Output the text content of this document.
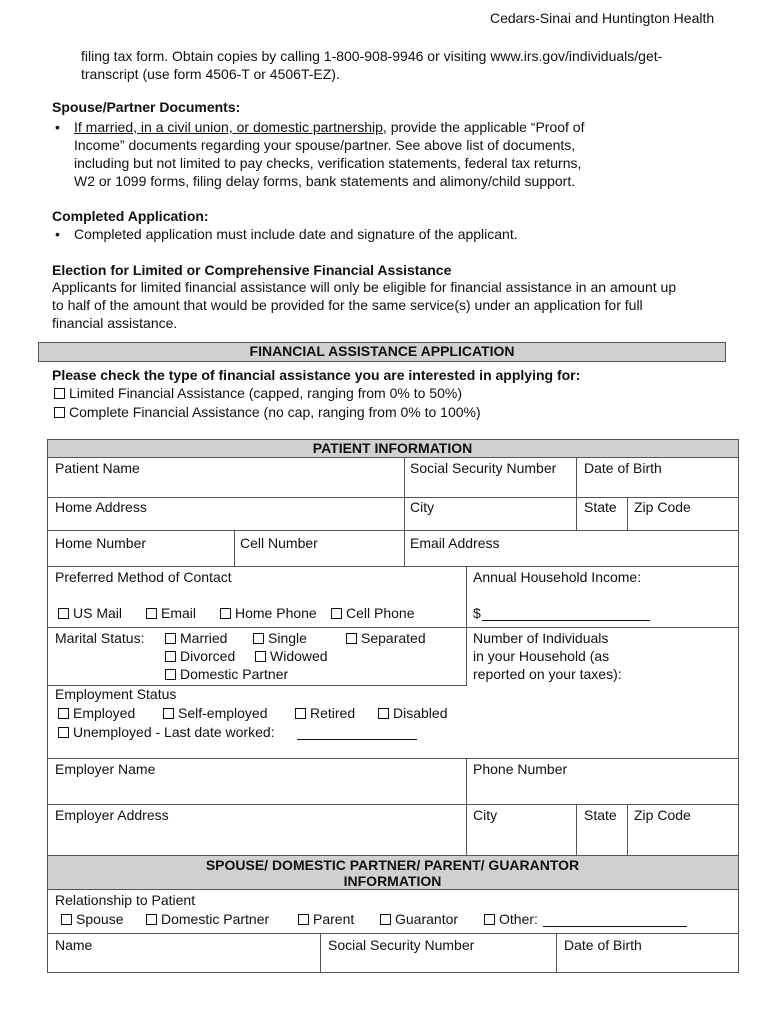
Cedars-Sinai and Huntington Health
filing tax form. Obtain copies by calling 1-800-908-9946 or visiting www.irs.gov/individuals/get-
transcript (use form 4506-T or 4506T-EZ).
Spouse/Partner Documents:
• If married, in a civil union, or domestic partnership, provide the applicable “Proof of
Income” documents regarding your spouse/partner. See above list of documents,
including but not limited to pay checks, verification statements, federal tax returns,
W2 or 1099 forms, filing delay forms, bank statements and alimony/child support.
Completed Application:
• Completed application must include date and signature of the applicant.
Election for Limited or Comprehensive Financial Assistance
Applicants for limited financial assistance will only be eligible for financial assistance in an amount up
to half of the amount that would be provided for the same service(s) under an application for full
financial assistance.
FINANCIAL ASSISTANCE APPLICATION
Please check the type of financial assistance you are interested in applying for:
Limited Financial Assistance (capped, ranging from 0% to 50%)
Complete Financial Assistance (no cap, ranging from 0% to 100%)
PATIENT INFORMATION
Patient Name	Social Security Number Date of Birth
Home Address	City	State Zip Code
Home Number	Cell Number	Email Address
Preferred Method of Contact
US Mail	Email	Home Phone	Cell Phone
Annual Household Income:
$
Marital Status:	Married	Single	Separated
Divorced	Widowed
Domestic Partner
Number of Individuals
in your Household (as
reported on your taxes):
Employment Status
Employed	Self-employed	Retired	Disabled
Unemployed - Last date worked:
Employer Name	Phone Number
Employer Address	City	State Zip Code
SPOUSE/ DOMESTIC PARTNER/ PARENT/ GUARANTOR
INFORMATION
Relationship to Patient
Spouse	Domestic Partner	Parent	Guarantor	Other:
Name	Social Security Number	Date of Birth
